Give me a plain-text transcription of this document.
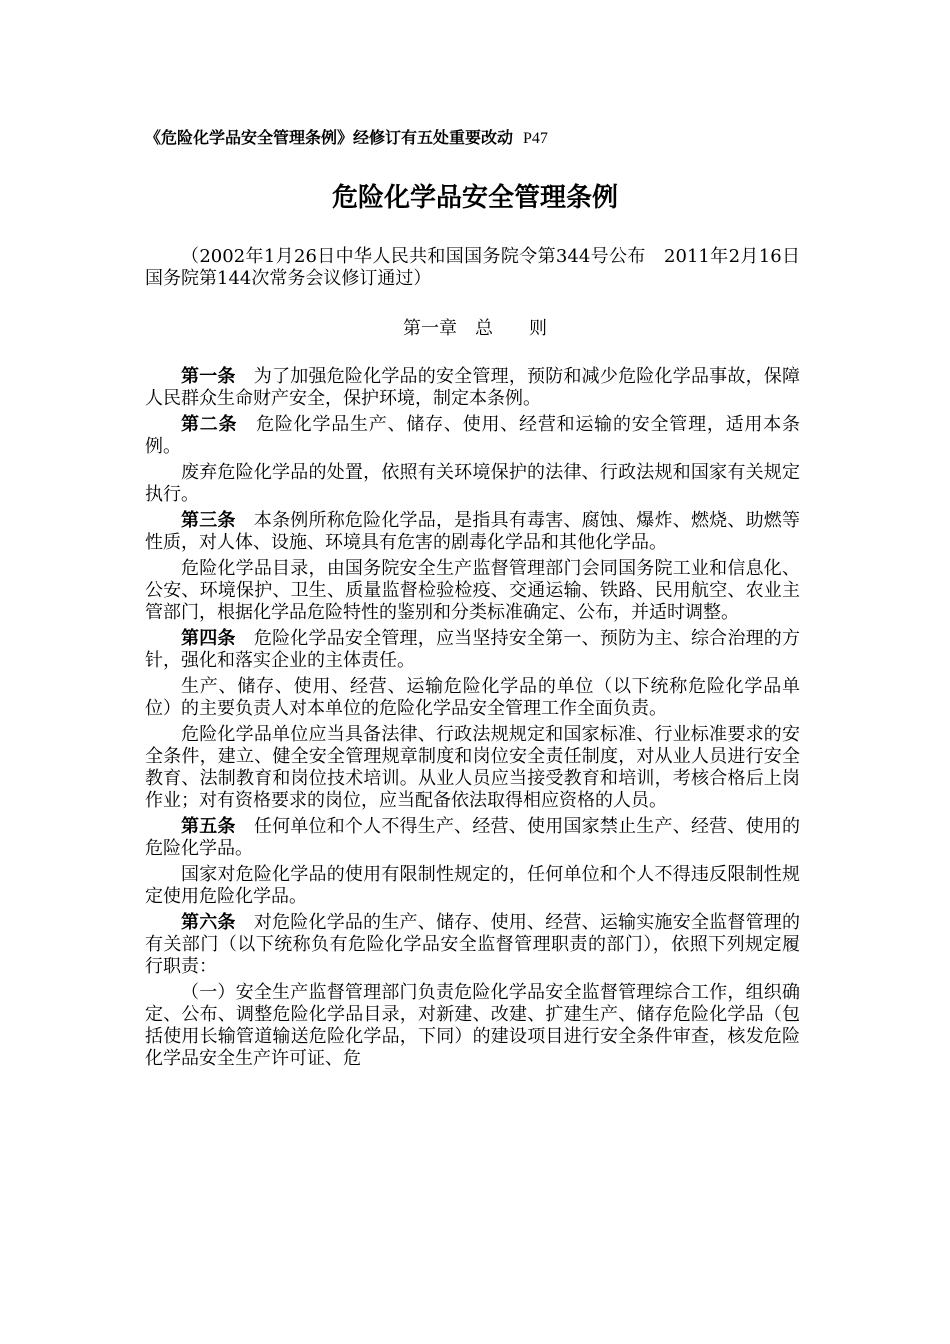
《危险化学品安全管理条例》经修订有五处重要改动 P47
危险化学品安全管理条例

（2002年1月26日中华人民共和国国务院令第344号公布　2011年2月16日国务院第144次常务会议修订通过）

第一章　总　　则

第一条 为了加强危险化学品的安全管理，预防和减少危险化学品事故，保障人民群众生命财产安全，保护环境，制定本条例。

第二条 危险化学品生产、储存、使用、经营和运输的安全管理，适用本条例。

废弃危险化学品的处置，依照有关环境保护的法律、行政法规和国家有关规定执行。

第三条 本条例所称危险化学品，是指具有毒害、腐蚀、爆炸、燃烧、助燃等性质，对人体、设施、环境具有危害的剧毒化学品和其他化学品。

危险化学品目录，由国务院安全生产监督管理部门会同国务院工业和信息化、公安、环境保护、卫生、质量监督检验检疫、交通运输、铁路、民用航空、农业主管部门，根据化学品危险特性的鉴别和分类标准确定、公布，并适时调整。

第四条 危险化学品安全管理，应当坚持安全第一、预防为主、综合治理的方针，强化和落实企业的主体责任。

生产、储存、使用、经营、运输危险化学品的单位（以下统称危险化学品单位）的主要负责人对本单位的危险化学品安全管理工作全面负责。

危险化学品单位应当具备法律、行政法规规定和国家标准、行业标准要求的安全条件，建立、健全安全管理规章制度和岗位安全责任制度，对从业人员进行安全教育、法制教育和岗位技术培训。从业人员应当接受教育和培训，考核合格后上岗作业；对有资格要求的岗位，应当配备依法取得相应资格的人员。

第五条 任何单位和个人不得生产、经营、使用国家禁止生产、经营、使用的危险化学品。

国家对危险化学品的使用有限制性规定的，任何单位和个人不得违反限制性规定使用危险化学品。

第六条 对危险化学品的生产、储存、使用、经营、运输实施安全监督管理的有关部门（以下统称负有危险化学品安全监督管理职责的部门），依照下列规定履行职责：

（一）安全生产监督管理部门负责危险化学品安全监督管理综合工作，组织确定、公布、调整危险化学品目录，对新建、改建、扩建生产、储存危险化学品（包括使用长输管道输送危险化学品，下同）的建设项目进行安全条件审查，核发危险化学品安全生产许可证、危
